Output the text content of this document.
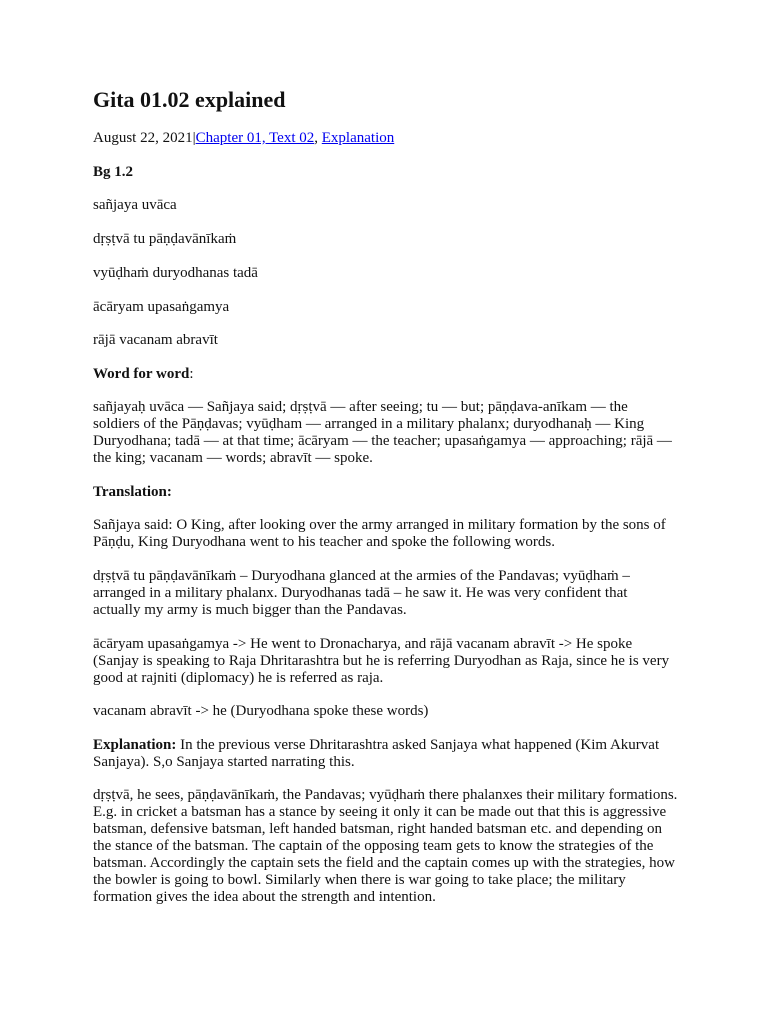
Gita 01.02 explained
August 22, 2021|Chapter 01, Text 02, Explanation
Bg 1.2
sañjaya uvāca
dṛṣṭvā tu pāṇḍavānīkaṁ
vyūḍhaṁ duryodhanas tadā
ācāryam upasaṅgamya
rājā vacanam abravīt
Word for word:
sañjayaḥ uvāca — Sañjaya said; dṛṣṭvā — after seeing; tu — but; pāṇḍava-anīkam — the soldiers of the Pāṇḍavas; vyūḍham — arranged in a military phalanx; duryodhanaḥ — King Duryodhana; tadā — at that time; ācāryam — the teacher; upasaṅgamya — approaching; rājā — the king; vacanam — words; abravīt — spoke.
Translation:
Sañjaya said: O King, after looking over the army arranged in military formation by the sons of Pāṇḍu, King Duryodhana went to his teacher and spoke the following words.
dṛṣṭvā tu pāṇḍavānīkaṁ – Duryodhana glanced at the armies of the Pandavas; vyūḍhaṁ – arranged in a military phalanx. Duryodhanas tadā – he saw it. He was very confident that actually my army is much bigger than the Pandavas.
ācāryam upasaṅgamya -> He went to Dronacharya, and rājā vacanam abravīt -> He spoke (Sanjay is speaking to Raja Dhritarashtra but he is referring Duryodhan as Raja, since he is very good at rajniti (diplomacy) he is referred as raja.
vacanam abravīt -> he (Duryodhana spoke these words)
Explanation: In the previous verse Dhritarashtra asked Sanjaya what happened (Kim Akurvat Sanjaya). S,o Sanjaya started narrating this.
dṛṣṭvā, he sees, pāṇḍavānīkaṁ, the Pandavas; vyūḍhaṁ there phalanxes their military formations. E.g. in cricket a batsman has a stance by seeing it only it can be made out that this is aggressive batsman, defensive batsman, left handed batsman, right handed batsman etc. and depending on the stance of the batsman. The captain of the opposing team gets to know the strategies of the batsman. Accordingly the captain sets the field and the captain comes up with the strategies, how the bowler is going to bowl. Similarly when there is war going to take place; the military formation gives the idea about the strength and intention.
